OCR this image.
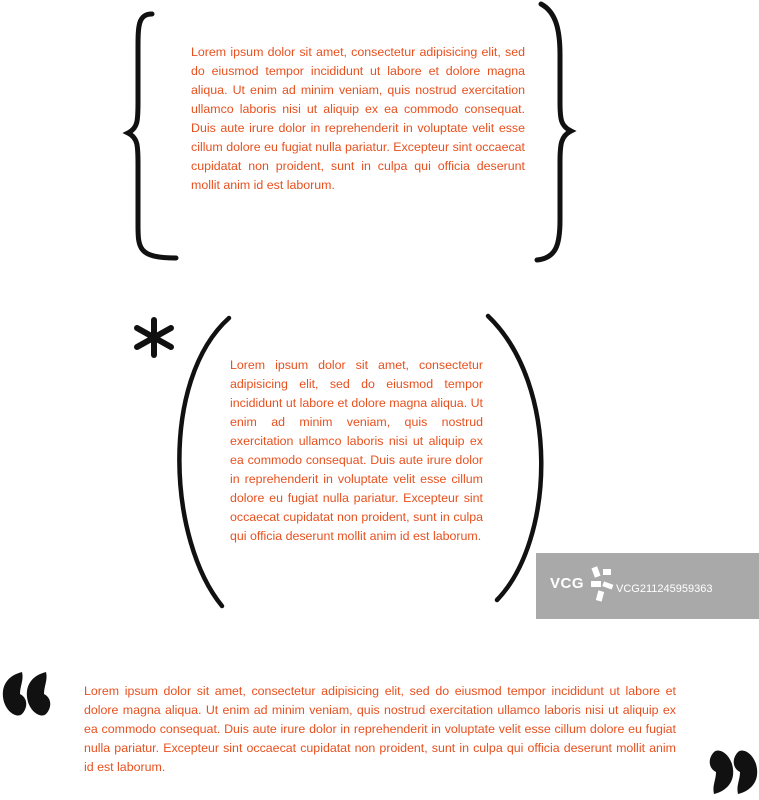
Lorem ipsum dolor sit amet, consectetur adipisicing elit, sed do eiusmod tempor incididunt ut labore et dolore magna aliqua. Ut enim ad minim veniam, quis nostrud exercitation ullamco laboris nisi ut aliquip ex ea commodo consequat. Duis aute irure dolor in reprehenderit in voluptate velit esse cillum dolore eu fugiat nulla pariatur. Excepteur sint occaecat cupidatat non proident, sunt in culpa qui officia deserunt mollit anim id est laborum.

Lorem ipsum dolor sit amet, consectetur adipisicing elit, sed do eiusmod tempor incididunt ut labore et dolore magna aliqua. Ut enim ad minim veniam, quis nostrud exercitation ullamco laboris nisi ut aliquip ex ea commodo consequat. Duis aute irure dolor in reprehenderit in voluptate velit esse cillum dolore eu fugiat nulla pariatur. Excepteur sint occaecat cupidatat non proident, sunt in culpa qui officia deserunt mollit anim id est laborum.

Lorem ipsum dolor sit amet, consectetur adipisicing elit, sed do eiusmod tempor incididunt ut labore et dolore magna aliqua. Ut enim ad minim veniam, quis nostrud exercitation ullamco laboris nisi ut aliquip ex ea commodo consequat. Duis aute irure dolor in reprehenderit in voluptate velit esse cillum dolore eu fugiat nulla pariatur. Excepteur sint occaecat cupidatat non proident, sunt in culpa qui officia deserunt mollit anim id est laborum.

VCG	VCG211245959363
